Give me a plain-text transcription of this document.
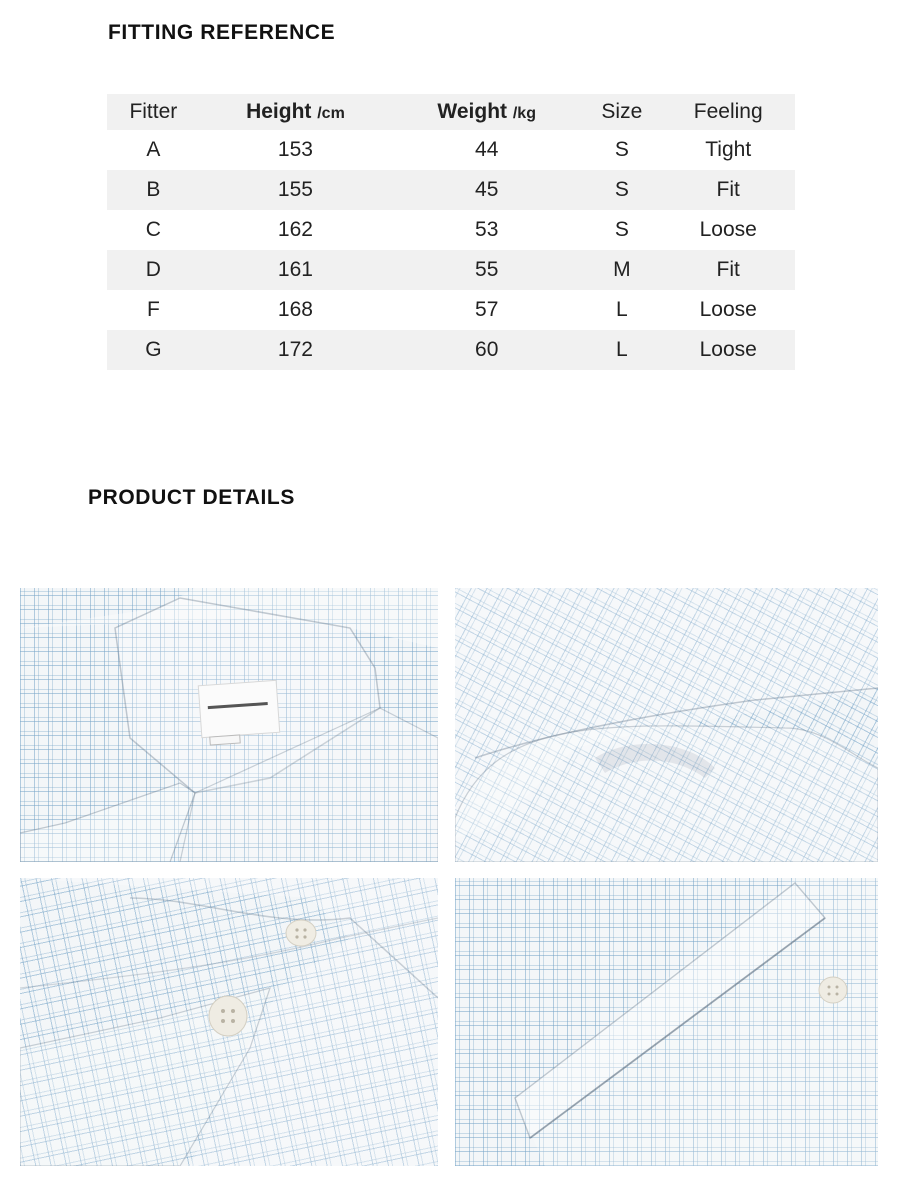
FITTING REFERENCE
Fitter	Height /cm	Weight /kg	Size	Feeling
A	153	44	S	Tight
B	155	45	S	Fit
C	162	53	S	Loose
D	161	55	M	Fit
F	168	57	L	Loose
G	172	60	L	Loose
PRODUCT DETAILS
